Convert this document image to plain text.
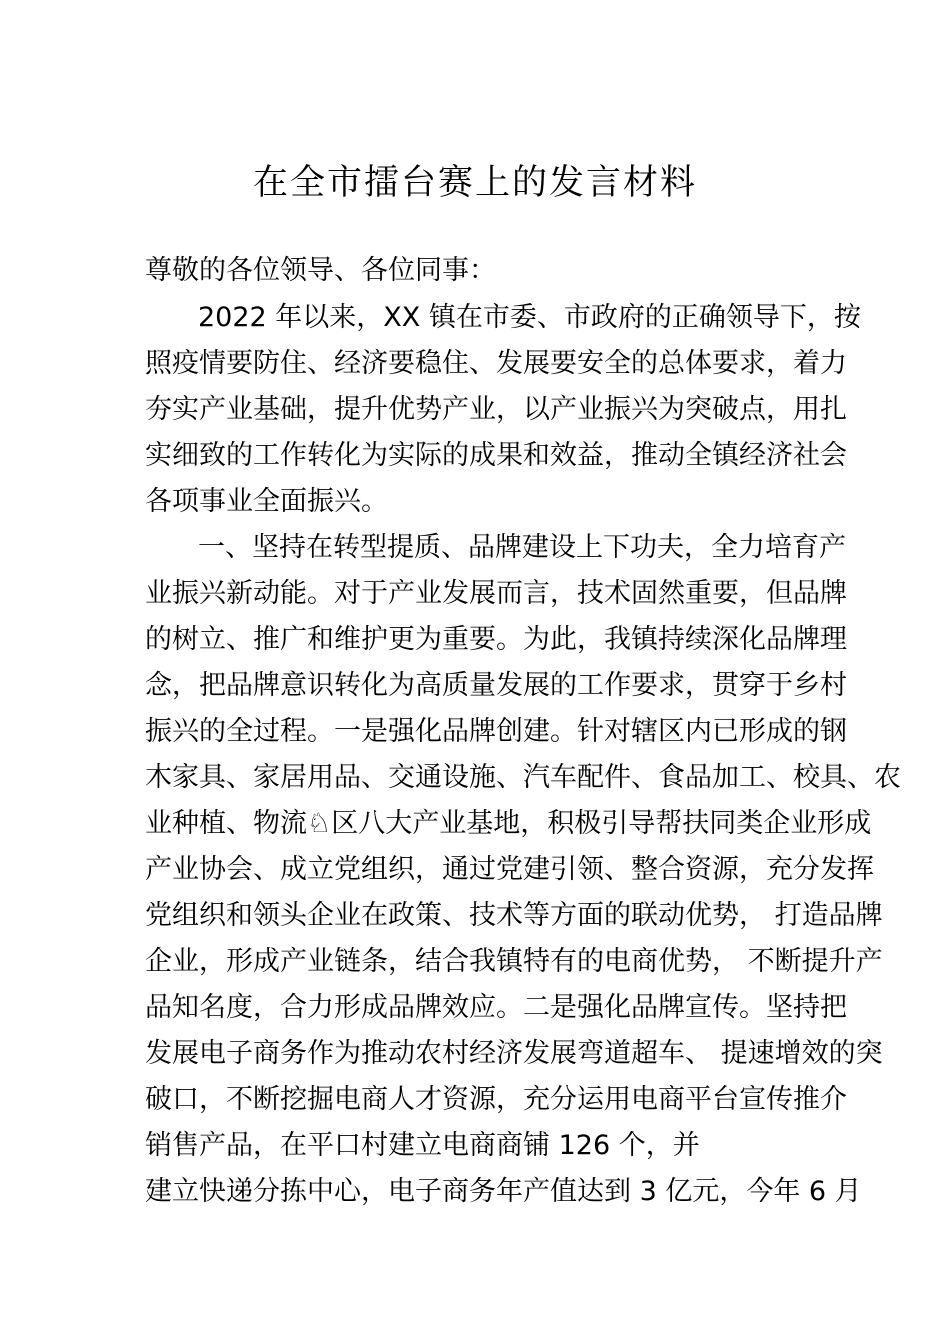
在全市擂台赛上的发言材料

尊敬的各位领导、各位同事：

2022 年以来，XX 镇在市委、市政府的正确领导下，按

照疫情要防住、经济要稳住、发展要安全的总体要求，着力

夯实产业基础，提升优势产业，以产业振兴为突破点，用扎

实细致的工作转化为实际的成果和效益，推动全镇经济社会

各项事业全面振兴。

一、坚持在转型提质、品牌建设上下功夫，全力培育产

业振兴新动能。对于产业发展而言，技术固然重要，但品牌

的树立、推广和维护更为重要。为此，我镇持续深化品牌理

念，把品牌意识转化为高质量发展的工作要求，贯穿于乡村

振兴的全过程。一是强化品牌创建。针对辖区内已形成的钢

木家具、家居用品、交通设施、汽车配件、食品加工、校具、农

业种植、物流♘区八大产业基地，积极引导帮扶同类企业形成

产业协会、成立党组织，通过党建引领、整合资源，充分发挥

党组织和领头企业在政策、技术等方面的联动优势， 打造品牌

企业，形成产业链条，结合我镇特有的电商优势， 不断提升产

品知名度，合力形成品牌效应。二是强化品牌宣传。坚持把

发展电子商务作为推动农村经济发展弯道超车、 提速增效的突

破口，不断挖掘电商人才资源，充分运用电商平台宣传推介

销售产品，在平口村建立电商商铺 126 个，并

建立快递分拣中心，电子商务年产值达到 3 亿元，今年 6 月
